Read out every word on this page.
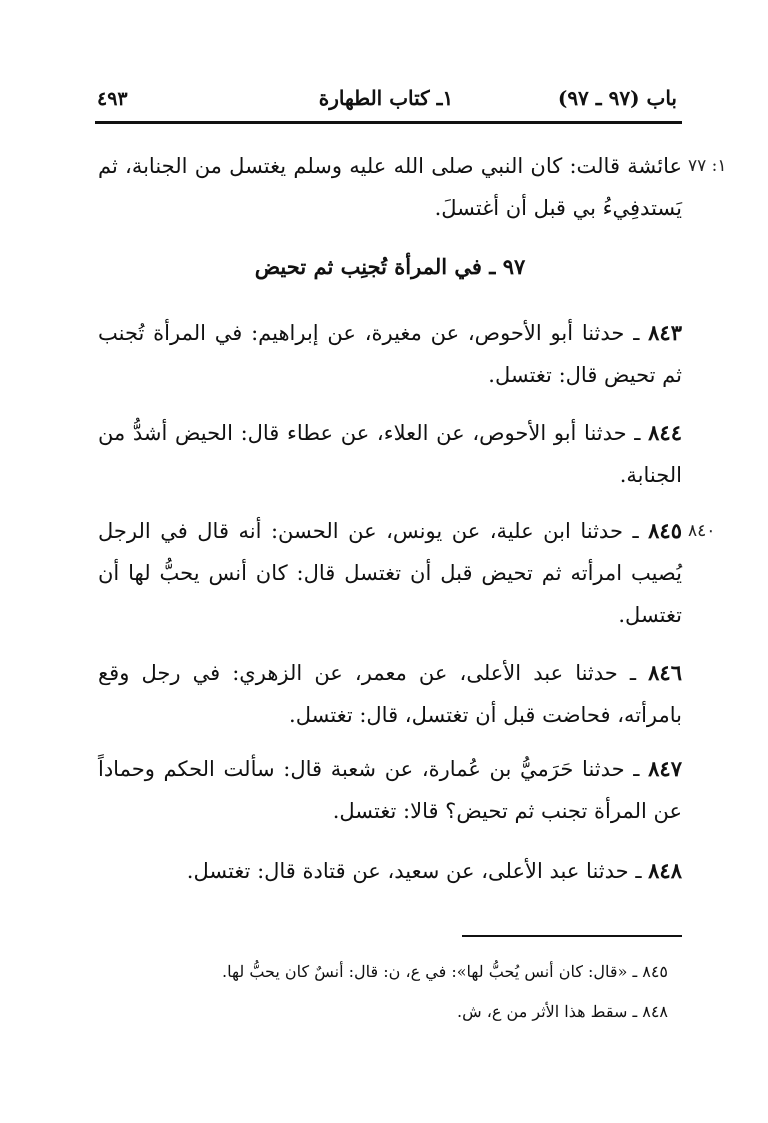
باب (٩٧ ـ ٩٧)
١ـ كتاب الطهارة
٤٩٣
١: ٧٧
عائشة قالت: كان النبي صلى الله عليه وسلم يغتسل من الجنابة، ثم يَستدفِيءُ بي قبل أن أغتسلَ.
٩٧ ـ في المرأة تُجنِب ثم تحيض
٨٤٣ ـ حدثنا أبو الأحوص، عن مغيرة، عن إبراهيم: في المرأة تُجنب ثم تحيض قال: تغتسل.
٨٤٤ ـ حدثنا أبو الأحوص، عن العلاء، عن عطاء قال: الحيض أشدُّ من الجنابة.
٨٤٠
٨٤٥ ـ حدثنا ابن علية، عن يونس، عن الحسن: أنه قال في الرجل يُصيب امرأته ثم تحيض قبل أن تغتسل قال: كان أنس يحبُّ لها أن تغتسل.
٨٤٦ ـ حدثنا عبد الأعلى، عن معمر، عن الزهري: في رجل وقع بامرأته، فحاضت قبل أن تغتسل، قال: تغتسل.
٨٤٧ ـ حدثنا حَرَميُّ بن عُمارة، عن شعبة قال: سألت الحكم وحماداً عن المرأة تجنب ثم تحيض؟ قالا: تغتسل.
٨٤٨ ـ حدثنا عبد الأعلى، عن سعيد، عن قتادة قال: تغتسل.
٨٤٥ ـ «قال: كان أنس يُحبُّ لها»: في ع، ن: قال: أنسٌ كان يحبُّ لها.
٨٤٨ ـ سقط هذا الأثر من ع، ش.
